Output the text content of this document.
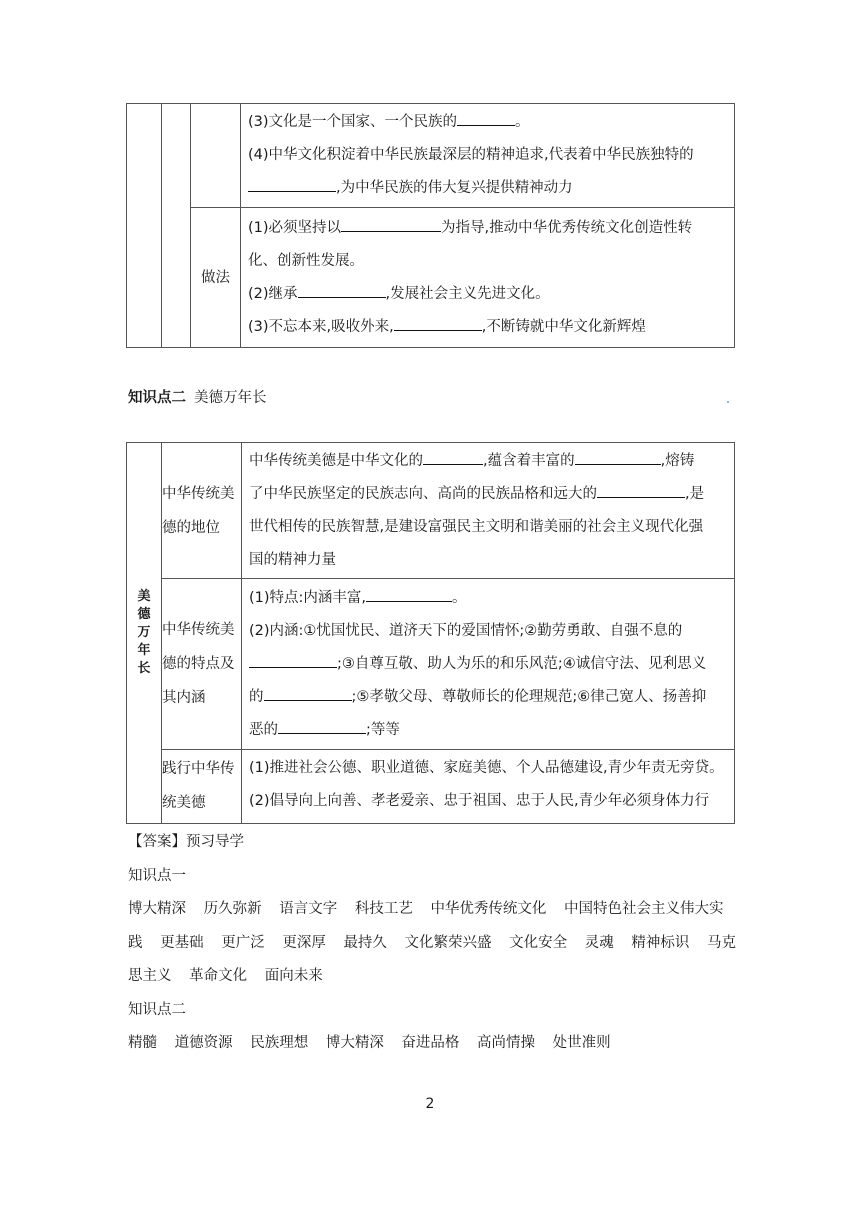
			(3)文化是一个国家、一个民族的 。

(4)中华文化积淀着中华民族最深层的精神追求,代表着中华民族独特的

,为中华民族的伟大复兴提供精神动力

		做法	(1)必须坚持以 为指导,推动中华优秀传统文化创造性转

化、创新性发展。

(2)继承 ,发展社会主义先进文化。

(3)不忘本来,吸收外来, ,不断铸就中华文化新辉煌

知识点二 美德万年长
美德万年长	中华传统美德的地位	中华传统美德是中华文化的 ,蕴含着丰富的 ,熔铸

了中华民族坚定的民族志向、高尚的民族品格和远大的 ,是

世代相传的民族智慧,是建设富强民主文明和谐美丽的社会主义现代化强

国的精神力量

	中华传统美德的特点及其内涵	(1)特点:内涵丰富, 。

(2)内涵:①忧国忧民、道济天下的爱国情怀;②勤劳勇敢、自强不息的

;③自尊互敬、助人为乐的和乐风范;④诚信守法、见利思义

的 ;⑤孝敬父母、尊敬师长的伦理规范;⑥律己宽人、扬善抑

恶的 ;等等

	践行中华传统美德	(1)推进社会公德、职业道德、家庭美德、个人品德建设,青少年责无旁贷。

(2)倡导向上向善、孝老爱亲、忠于祖国、忠于人民,青少年必须身体力行

【答案】预习导学

知识点一

博大精深 历久弥新 语言文字 科技工艺 中华优秀传统文化 中国特色社会主义伟大实践 更基础 更广泛 更深厚 最持久 文化繁荣兴盛 文化安全 灵魂 精神标识 马克思主义 革命文化 面向未来

知识点二

精髓 道德资源 民族理想 博大精深 奋进品格 高尚情操 处世准则

2
